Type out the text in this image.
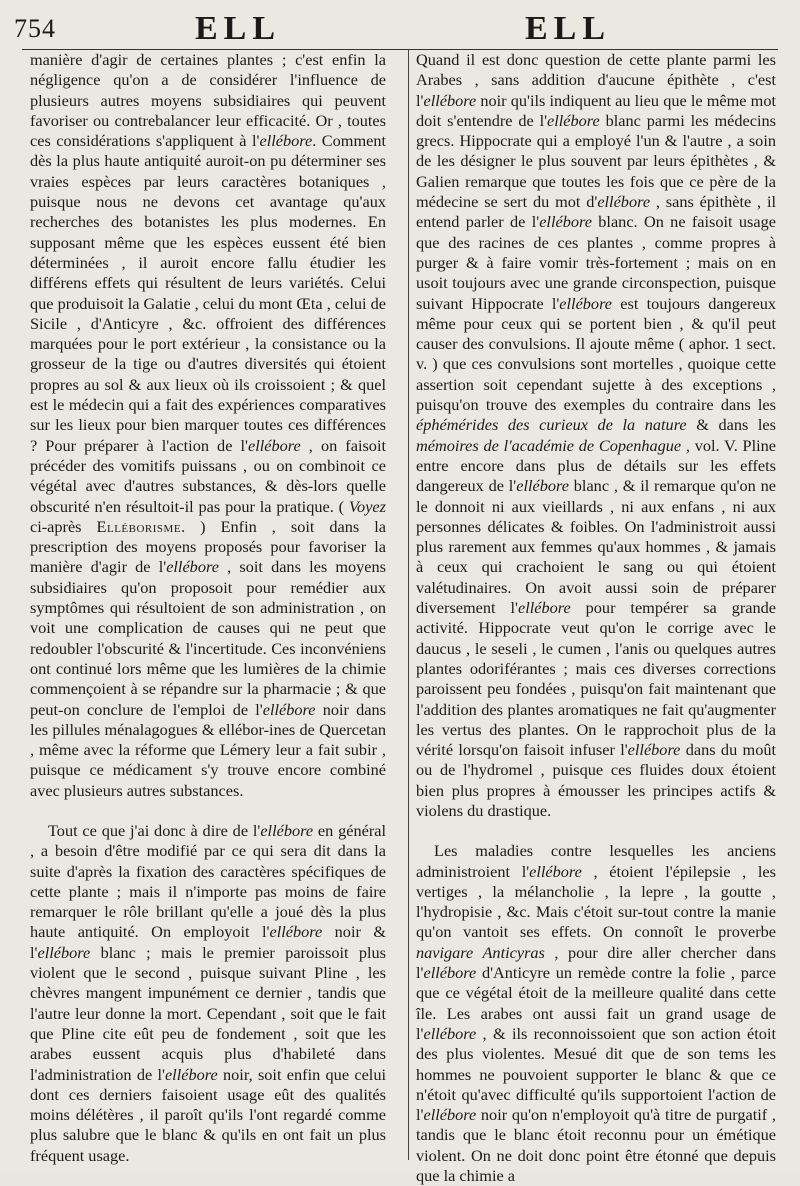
754	ELL	ELL

manière d'agir de certaines plantes ; c'est enfin la négligence qu'on a de considérer l'influence de plusieurs autres moyens subsidiaires qui peuvent favoriser ou contrebalancer leur efficacité. Or , toutes ces considérations s'appliquent à l'ellébore. Comment dès la plus haute antiquité auroit-on pu déterminer ses vraies espèces par leurs caractères botaniques , puisque nous ne devons cet avantage qu'aux recherches des botanistes les plus modernes. En supposant même que les espèces eussent été bien déterminées , il auroit encore fallu étudier les différens effets qui résultent de leurs variétés. Celui que produisoit la Galatie , celui du mont Œta , celui de Sicile , d'Anticyre , &c. offroient des différences marquées pour le port extérieur , la consistance ou la grosseur de la tige ou d'autres diversités qui étoient propres au sol & aux lieux où ils croissoient ; & quel est le médecin qui a fait des expériences comparatives sur les lieux pour bien marquer toutes ces différences ? Pour préparer à l'action de l'ellébore , on faisoit précéder des vomitifs puissans , ou on combinoit ce végétal avec d'autres substances, & dès-lors quelle obscurité n'en résultoit-il pas pour la pratique. ( Voyez ci-après Elléborisme. ) Enfin , soit dans la prescription des moyens proposés pour favoriser la manière d'agir de l'ellébore , soit dans les moyens subsidiaires qu'on proposoit pour remédier aux symptômes qui résultoient de son administration , on voit une complication de causes qui ne peut que redoubler l'obscurité & l'incertitude. Ces inconvéniens ont continué lors même que les lumières de la chimie commençoient à se répandre sur la pharmacie ; & que peut-on conclure de l'emploi de l'ellébore noir dans les pillules ménalagogues & ellébor-ines de Quercetan , même avec la réforme que Lémery leur a fait subir , puisque ce médicament s'y trouve encore combiné avec plusieurs autres substances.

Tout ce que j'ai donc à dire de l'ellébore en général , a besoin d'être modifié par ce qui sera dit dans la suite d'après la fixation des caractères spécifiques de cette plante ; mais il n'importe pas moins de faire remarquer le rôle brillant qu'elle a joué dès la plus haute antiquité. On employoit l'ellébore noir & l'ellébore blanc ; mais le premier paroissoit plus violent que le second , puisque suivant Pline , les chèvres mangent impunément ce dernier , tandis que l'autre leur donne la mort. Cependant , soit que le fait que Pline cite eût peu de fondement , soit que les arabes eussent acquis plus d'habileté dans l'administration de l'ellébore noir, soit enfin que celui dont ces derniers faisoient usage eût des qualités moins délétères , il paroît qu'ils l'ont regardé comme plus salubre que le blanc & qu'ils en ont fait un plus fréquent usage.

Quand il est donc question de cette plante parmi les Arabes , sans addition d'aucune épithète , c'est l'ellébore noir qu'ils indiquent au lieu que le même mot doit s'entendre de l'ellébore blanc parmi les médecins grecs. Hippocrate qui a employé l'un & l'autre , a soin de les désigner le plus souvent par leurs épithètes , & Galien remarque que toutes les fois que ce père de la médecine se sert du mot d'ellébore , sans épithète , il entend parler de l'ellébore blanc. On ne faisoit usage que des racines de ces plantes , comme propres à purger & à faire vomir très-fortement ; mais on en usoit toujours avec une grande circonspection, puisque suivant Hippocrate l'ellébore est toujours dangereux même pour ceux qui se portent bien , & qu'il peut causer des convulsions. Il ajoute même ( aphor. 1 sect. v. ) que ces convulsions sont mortelles , quoique cette assertion soit cependant sujette à des exceptions , puisqu'on trouve des exemples du contraire dans les éphémérides des curieux de la nature & dans les mémoires de l'académie de Copenhague , vol. V. Pline entre encore dans plus de détails sur les effets dangereux de l'ellébore blanc , & il remarque qu'on ne le donnoit ni aux vieillards , ni aux enfans , ni aux personnes délicates & foibles. On l'administroit aussi plus rarement aux femmes qu'aux hommes , & jamais à ceux qui crachoient le sang ou qui étoient valétudinaires. On avoit aussi soin de préparer diversement l'ellébore pour tempérer sa grande activité. Hippocrate veut qu'on le corrige avec le daucus , le seseli , le cumen , l'anis ou quelques autres plantes odoriférantes ; mais ces diverses corrections paroissent peu fondées , puisqu'on fait maintenant que l'addition des plantes aromatiques ne fait qu'augmenter les vertus des plantes. On le rapprochoit plus de la vérité lorsqu'on faisoit infuser l'ellébore dans du moût ou de l'hydromel , puisque ces fluides doux étoient bien plus propres à émousser les principes actifs & violens du drastique.

Les maladies contre lesquelles les anciens administroient l'ellébore , étoient l'épilepsie , les vertiges , la mélancholie , la lepre , la goutte , l'hydropisie , &c. Mais c'étoit sur-tout contre la manie qu'on vantoit ses effets. On connoît le proverbe navigare Anticyras , pour dire aller chercher dans l'ellébore d'Anticyre un remède contre la folie , parce que ce végétal étoit de la meilleure qualité dans cette île. Les arabes ont aussi fait un grand usage de l'ellébore , & ils reconnoissoient que son action étoit des plus violentes. Mesué dit que de son tems les hommes ne pouvoient supporter le blanc & que ce n'étoit qu'avec difficulté qu'ils supportoient l'action de l'ellébore noir qu'on n'employoit qu'à titre de purgatif , tandis que le blanc étoit reconnu pour un émétique violent. On ne doit donc point être étonné que depuis que la chimie a
